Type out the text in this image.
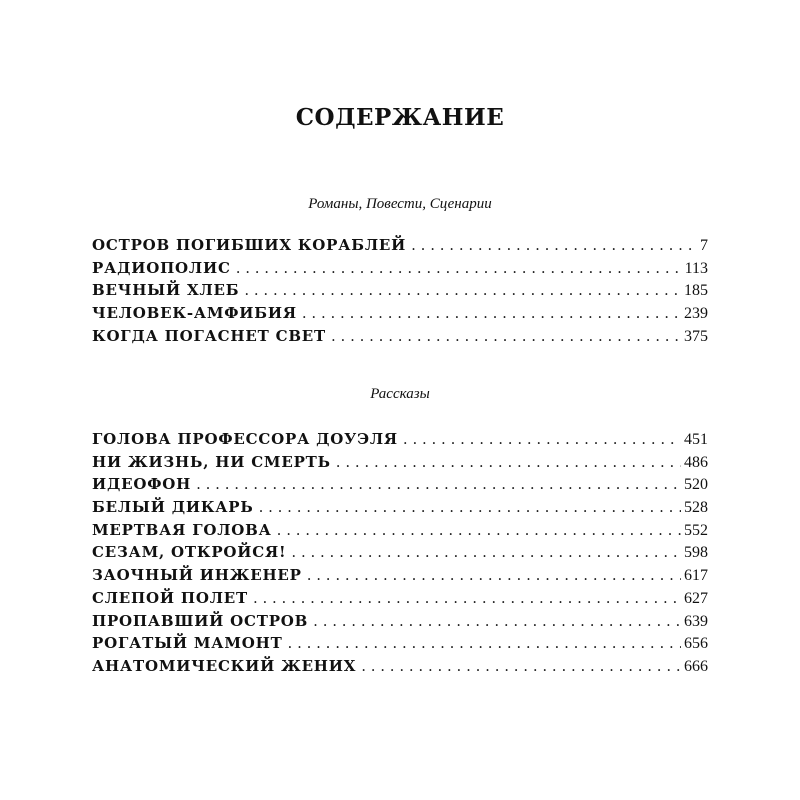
СОДЕРЖАНИЕ
Романы, Повести, Сценарии
ОСТРОВ ПОГИБШИХ КОРАБЛЕЙ . . .	7
РАДИОПОЛИС . . .	113
ВЕЧНЫЙ ХЛЕБ . . .	185
ЧЕЛОВЕК-АМФИБИЯ . . .	239
КОГДА ПОГАСНЕТ СВЕТ . . .	375
Рассказы
ГОЛОВА ПРОФЕССОРА ДОУЭЛЯ . . .	451
НИ ЖИЗНЬ, НИ СМЕРТЬ . . .	486
ИДЕОФОН . . .	520
БЕЛЫЙ ДИКАРЬ . . .	528
МЕРТВАЯ ГОЛОВА . . .	552
СЕЗАМ, ОТКРОЙСЯ! . . .	598
ЗАОЧНЫЙ ИНЖЕНЕР . . .	617
СЛЕПОЙ ПОЛЕТ . . .	627
ПРОПАВШИЙ ОСТРОВ . . .	639
РОГАТЫЙ МАМОНТ . . .	656
АНАТОМИЧЕСКИЙ ЖЕНИХ . . .	666
